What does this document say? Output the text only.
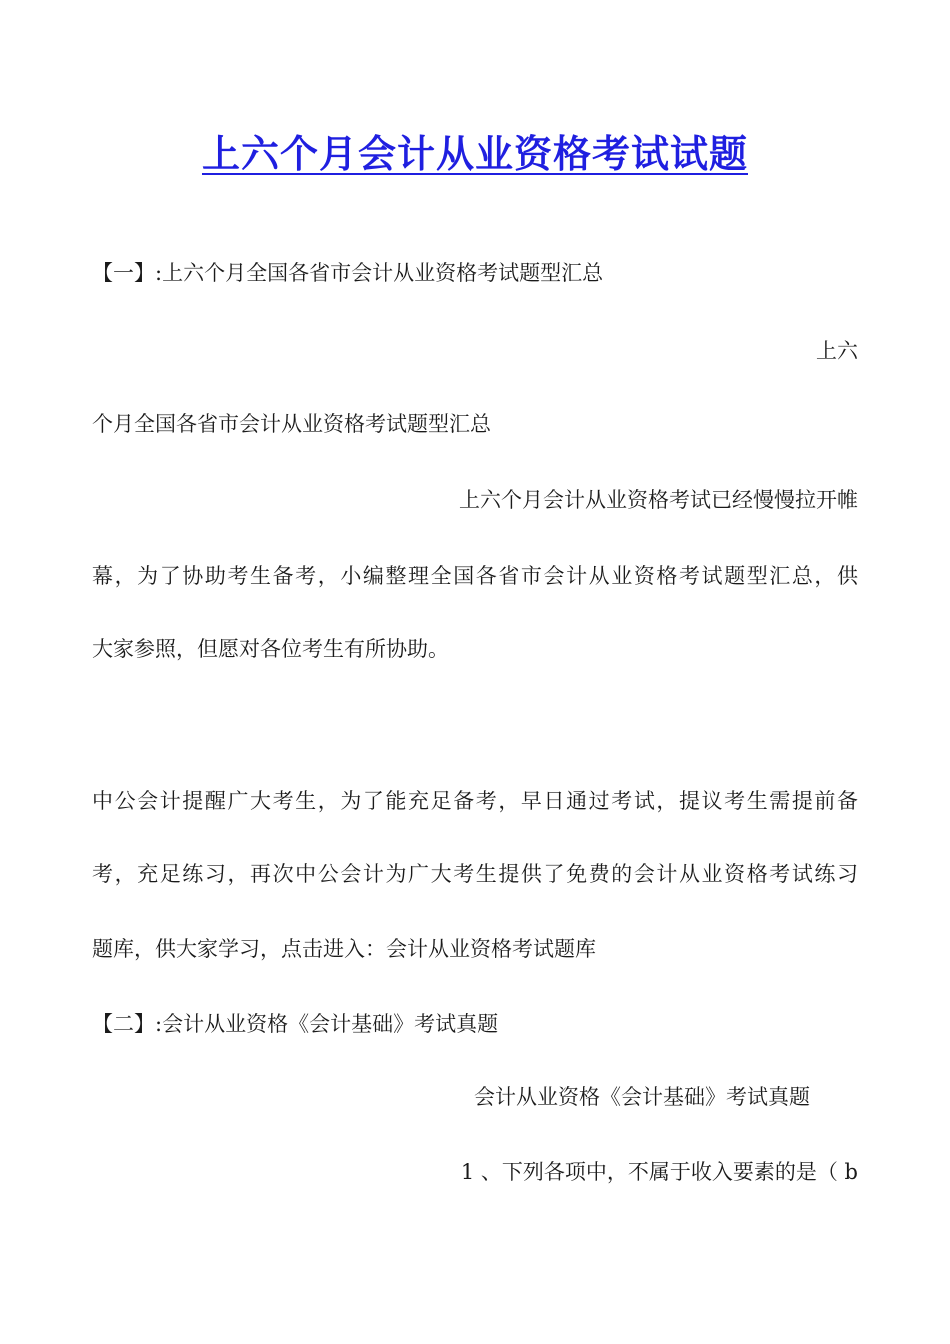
上六个月会计从业资格考试试题
【一】:上六个月全国各省市会计从业资格考试题型汇总
上六
个月全国各省市会计从业资格考试题型汇总
上六个月会计从业资格考试已经慢慢拉开帷
幕，为了协助考生备考，小编整理全国各省市会计从业资格考试题型汇总，供
大家参照，但愿对各位考生有所协助。
中公会计提醒广大考生，为了能充足备考，早日通过考试，提议考生需提前备
考，充足练习，再次中公会计为广大考生提供了免费的会计从业资格考试练习
题库，供大家学习，点击进入：会计从业资格考试题库
【二】:会计从业资格《会计基础》考试真题
会计从业资格《会计基础》考试真题
1 、下列各项中，不属于收入要素的是（ b
